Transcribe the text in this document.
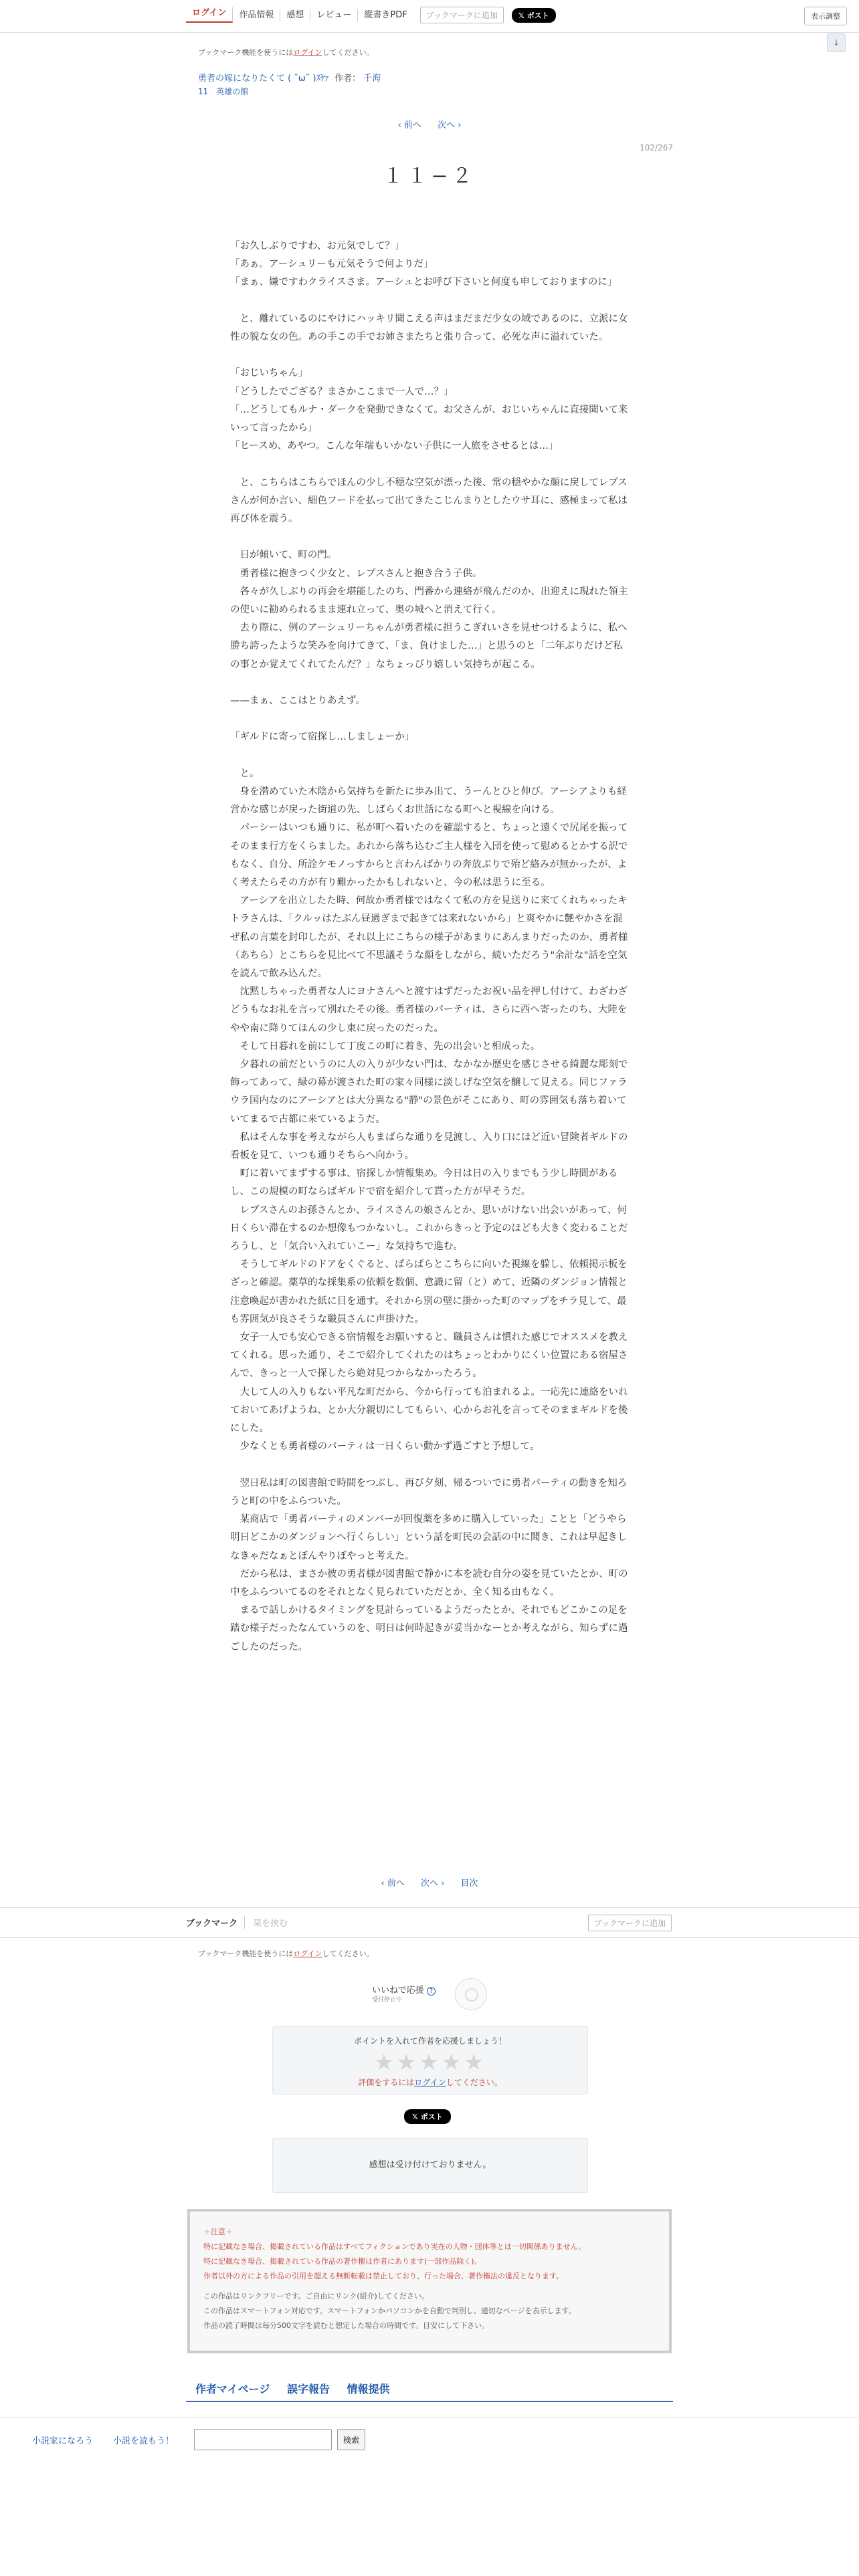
ログイン	作品情報	感想	レビュー	縦書きPDF	ブックマークに追加	𝕏 ポスト	表示調整
↓
ブックマーク機能を使うにはログインしてください。
勇者の嫁になりたくて ( ˘ω˘ )ｽﾔｧ 作者： 千海
11　英雄の館
‹ 前へ 次へ ›
102/267
１１−２

「お久しぶりですわ、お元気でして？」

「あぁ。アーシュリーも元気そうで何よりだ」

「まぁ、嫌ですわクライスさま。アーシュとお呼び下さいと何度も申しておりますのに」

　と、離れているのにやけにハッキリ聞こえる声はまだまだ少女の域であるのに、立派に女性の貌な女の色。あの手この手でお姉さまたちと張り合って、必死な声に溢れていた。

「おじいちゃん」

「どうしたでござる？まさかここまで一人で…？」

「…どうしてもルナ・ダークを発動できなくて。お父さんが、おじいちゃんに直接聞いて来いって言ったから」

「ヒースめ、あやつ。こんな年端もいかない子供に一人旅をさせるとは…」

　と、こちらはこちらでほんの少し不穏な空気が漂った後、常の穏やかな顔に戻してレプスさんが何か言い、細色フードを払って出てきたこじんまりとしたウサ耳に、感極まって私は再び体を震う。

　日が傾いて、町の門。

　勇者様に抱きつく少女と、レプスさんと抱き合う子供。

　各々が久しぶりの再会を堪能したのち、門番から連絡が飛んだのか、出迎えに現れた領主の使いに勧められるまま連れ立って、奥の城へと消えて行く。

　去り際に、例のアーシュリーちゃんが勇者様に担うこぎれいさを見せつけるように、私へ勝ち誇ったような笑みを向けてきて、「ま、負けました…」と思うのと「二年ぶりだけど私の事とか覚えてくれてたんだ？」なちょっぴり嬉しい気持ちが起こる。

——まぁ、ここはとりあえず。

「ギルドに寄って宿探し…しましょーか」

　と。

　身を潜めていた木陰から気持ちを新たに歩み出て、うーんとひと伸び。アーシアよりも経営かな感じが戻った街道の先、しばらくお世話になる町へと視線を向ける。

　パーシーはいつも通りに、私が町へ着いたのを確認すると、ちょっと遠くで尻尾を振ってそのまま行方をくらました。あれから落ち込むご主人様を入団を使って慰めるとかする訳でもなく、自分、所詮ケモノっすからと言わんばかりの奔放ぶりで殆ど絡みが無かったが、よく考えたらその方が有り難かったかもしれないと、今の私は思うに至る。

　アーシアを出立したた時、何故か勇者様ではなくて私の方を見送りに来てくれちゃったキトラさんは、「クルッはたぶん昼過ぎまで起きては来れないから」と爽やかに艶やかさを混ぜ私の言葉を封印したが、それ以上にこちらの様子があまりにあんまりだったのか、勇者様（あちら）とこちらを見比べて不思議そうな顔をしながら、続いただろう"余計な"話を空気を読んで飲み込んだ。

　沈黙しちゃった勇者な人にヨナさんへと渡すはずだったお祝い品を押し付けて、わざわざどうもなお礼を言って別れたその後。勇者様のパーティは、さらに西へ寄ったのち、大陸をやや南に降りてほんの少し東に戻ったのだった。

　そして日暮れを前にして丁度この町に着き、先の出会いと相成った。

　夕暮れの前だというのに人の入りが少ない門は、なかなか歴史を感じさせる綺麗な彫刻で飾ってあって、緑の幕が渡された町の家々同様に淡しげな空気を醸して見える。同じファラウラ国内なのにアーシアとは大分異なる"静"の景色がそこにあり、町の雰囲気も落ち着いていてまるで古都に来ているようだ。

　私はそんな事を考えながら人もまばらな通りを見渡し、入り口にほど近い冒険者ギルドの看板を見て、いつも通りそちらへ向かう。

　町に着いてまずする事は、宿探しか情報集め。今日は日の入りまでもう少し時間があるし、この規模の町ならばギルドで宿を紹介して貰った方が早そうだ。

　レプスさんのお孫さんとか、ライスさんの娘さんとか、思いがけない出会いがあって、何日くらい滞在するのか想像もつかないし。これからきっと予定のほども大きく変わることだろうし、と「気合い入れていこー」な気持ちで進む。

　そうしてギルドのドアをくぐると、ぱらぱらとこちらに向いた視線を躱し、依頼掲示板をざっと確認。薬草的な採集系の依頼を数個、意識に留（と）めて、近隣のダンジョン情報と注意喚起が書かれた紙に目を通す。それから別の壁に掛かった町のマップをチラ見して、最も雰囲気が良さそうな職員さんに声掛けた。

　女子一人でも安心できる宿情報をお願いすると、職員さんは慣れた感じでオススメを教えてくれる。思った通り、そこで紹介してくれたのはちょっとわかりにくい位置にある宿屋さんで、きっと一人で探したら絶対見つからなかったろう。

　大して人の入りもない平凡な町だから、今から行っても泊まれるよ。一応先に連絡をいれておいてあげようね、とか大分親切にしてもらい、心からお礼を言ってそのままギルドを後にした。

　少なくとも勇者様のパーティは一日くらい動かず過ごすと予想して。

　翌日私は町の図書館で時間をつぶし、再び夕刻、帰るついでに勇者パーティの動きを知ろうと町の中をふらついた。

　某商店で「勇者パーティのメンバーが回復薬を多めに購入していった」ことと「どうやら明日どこかのダンジョンへ行くらしい」という話を町民の会話の中に聞き、これは早起きしなきゃだなぁとぼんやりぼやっと考えた。

　だから私は、まさか彼の勇者様が図書館で静かに本を読む自分の姿を見ていたとか、町の中をふらついてるのをそれとなく見られていただとか、全く知る由もなく。

　まるで話しかけるタイミングを見計らっているようだったとか、それでもどこかこの足を踏む様子だったなんていうのを、明日は何時起きが妥当かなーとか考えながら、知らずに過ごしたのだった。

‹ 前へ 次へ › 目次
ブックマーク	栞を挟む	ブックマークに追加
ブックマーク機能を使うにはログインしてください。
いいねで応援 ?
受付停止中
ポイントを入れて作者を応援しましょう！
★★★★★
評価をするにはログインしてください。
𝕏 ポスト
感想は受け付けておりません。
＋注意＋
特に記載なき場合、掲載されている作品はすべてフィクションであり実在の人物・団体等とは一切関係ありません。
特に記載なき場合、掲載されている作品の著作権は作者にあります(一部作品除く)。
作者以外の方による作品の引用を超える無断転載は禁止しており、行った場合、著作権法の違反となります。
この作品はリンクフリーです。ご自由にリンク(紹介)してください。
この作品はスマートフォン対応です。スマートフォンかパソコンかを自動で判別し、適切なページを表示します。
作品の読了時間は毎分500文字を読むと想定した場合の時間です。目安にして下さい。
作者マイページ 誤字報告 情報提供
小説家になろう 小説を読もう！	検索
